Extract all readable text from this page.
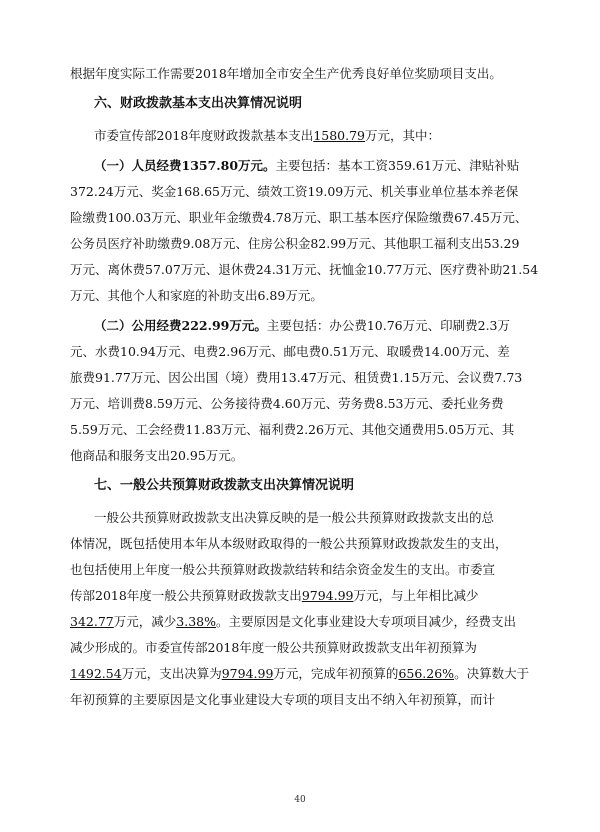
根据年度实际工作需要2018年增加全市安全生产优秀良好单位奖励项目支出。
六、财政拨款基本支出决算情况说明
市委宣传部2018年度财政拨款基本支出1580.79万元，其中：
（一）人员经费1357.80万元。主要包括：基本工资359.61万元、津贴补贴
372.24万元、奖金168.65万元、绩效工资19.09万元、机关事业单位基本养老保
险缴费100.03万元、职业年金缴费4.78万元、职工基本医疗保险缴费67.45万元、
公务员医疗补助缴费9.08万元、住房公积金82.99万元、其他职工福利支出53.29
万元、离休费57.07万元、退休费24.31万元、抚恤金10.77万元、医疗费补助21.54
万元、其他个人和家庭的补助支出6.89万元。
（二）公用经费222.99万元。主要包括：办公费10.76万元、印刷费2.3万
元、水费10.94万元、电费2.96万元、邮电费0.51万元、取暖费14.00万元、差
旅费91.77万元、因公出国（境）费用13.47万元、租赁费1.15万元、会议费7.73
万元、培训费8.59万元、公务接待费4.60万元、劳务费8.53万元、委托业务费
5.59万元、工会经费11.83万元、福利费2.26万元、其他交通费用5.05万元、其
他商品和服务支出20.95万元。
七、一般公共预算财政拨款支出决算情况说明
一般公共预算财政拨款支出决算反映的是一般公共预算财政拨款支出的总
体情况，既包括使用本年从本级财政取得的一般公共预算财政拨款发生的支出，
也包括使用上年度一般公共预算财政拨款结转和结余资金发生的支出。市委宣
传部2018年度一般公共预算财政拨款支出9794.99万元，与上年相比减少
342.77万元，减少3.38%。主要原因是文化事业建设大专项项目减少，经费支出
减少形成的。市委宣传部2018年度一般公共预算财政拨款支出年初预算为
1492.54万元，支出决算为9794.99万元，完成年初预算的656.26%。决算数大于
年初预算的主要原因是文化事业建设大专项的项目支出不纳入年初预算，而计
40
